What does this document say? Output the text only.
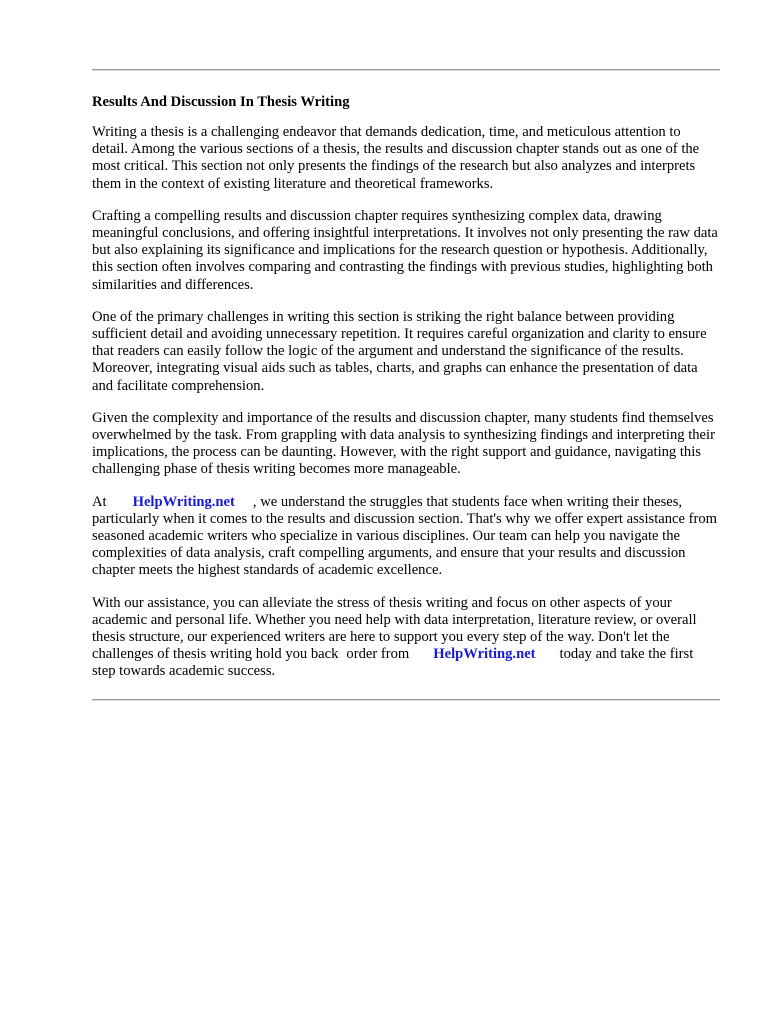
Results And Discussion In Thesis Writing

Writing a thesis is a challenging endeavor that demands dedication, time, and meticulous attention to detail. Among the various sections of a thesis, the results and discussion chapter stands out as one of the most critical. This section not only presents the findings of the research but also analyzes and interprets them in the context of existing literature and theoretical frameworks.

Crafting a compelling results and discussion chapter requires synthesizing complex data, drawing meaningful conclusions, and offering insightful interpretations. It involves not only presenting the raw data but also explaining its significance and implications for the research question or hypothesis. Additionally, this section often involves comparing and contrasting the findings with previous studies, highlighting both similarities and differences.

One of the primary challenges in writing this section is striking the right balance between providing sufficient detail and avoiding unnecessary repetition. It requires careful organization and clarity to ensure that readers can easily follow the logic of the argument and understand the significance of the results. Moreover, integrating visual aids such as tables, charts, and graphs can enhance the presentation of data and facilitate comprehension.

Given the complexity and importance of the results and discussion chapter, many students find themselves overwhelmed by the task. From grappling with data analysis to synthesizing findings and interpreting their implications, the process can be daunting. However, with the right support and guidance, navigating this challenging phase of thesis writing becomes more manageable.

At HelpWriting.net , we understand the struggles that students face when writing their theses, particularly when it comes to the results and discussion section. That's why we offer expert assistance from seasoned academic writers who specialize in various disciplines. Our team can help you navigate the complexities of data analysis, craft compelling arguments, and ensure that your results and discussion chapter meets the highest standards of academic excellence.

With our assistance, you can alleviate the stress of thesis writing and focus on other aspects of your academic and personal life. Whether you need help with data interpretation, literature review, or overall thesis structure, our experienced writers are here to support you every step of the way. Don't let the challenges of thesis writing hold you back order from HelpWriting.net today and take the first step towards academic success.
